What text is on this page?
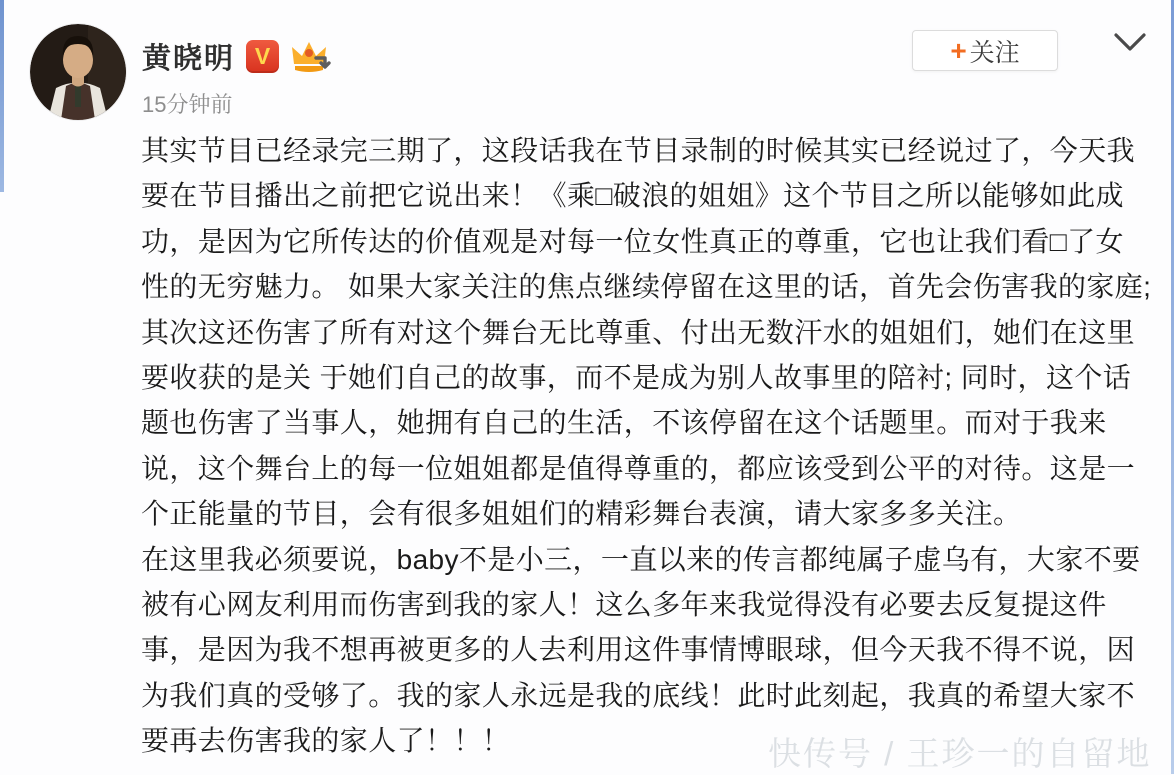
黄晓明 V
15分钟前
+ 关注
其实节目已经录完三期了，这段话我在节目录制的时候其实已经说过了，今天我
要在节目播出之前把它说出来！《乘□破浪的姐姐》这个节目之所以能够如此成
功，是因为它所传达的价值观是对每一位女性真正的尊重，它也让我们看□了女
性的无穷魅力。 如果大家关注的焦点继续停留在这里的话，首先会伤害我的家庭;
其次这还伤害了所有对这个舞台无比尊重、付出无数汗水的姐姐们，她们在这里
要收获的是关 于她们自己的故事，而不是成为别人故事里的陪衬; 同时，这个话
题也伤害了当事人，她拥有自己的生活，不该停留在这个话题里。而对于我来
说，这个舞台上的每一位姐姐都是值得尊重的，都应该受到公平的对待。这是一
个正能量的节目，会有很多姐姐们的精彩舞台表演，请大家多多关注。
在这里我必须要说，baby不是小三，一直以来的传言都纯属子虚乌有，大家不要
被有心网友利用而伤害到我的家人！这么多年来我觉得没有必要去反复提这件
事，是因为我不想再被更多的人去利用这件事情博眼球，但今天我不得不说，因
为我们真的受够了。我的家人永远是我的底线！此时此刻起，我真的希望大家不
要再去伤害我的家人了！！！	快传号 / 王珍一的自留地
